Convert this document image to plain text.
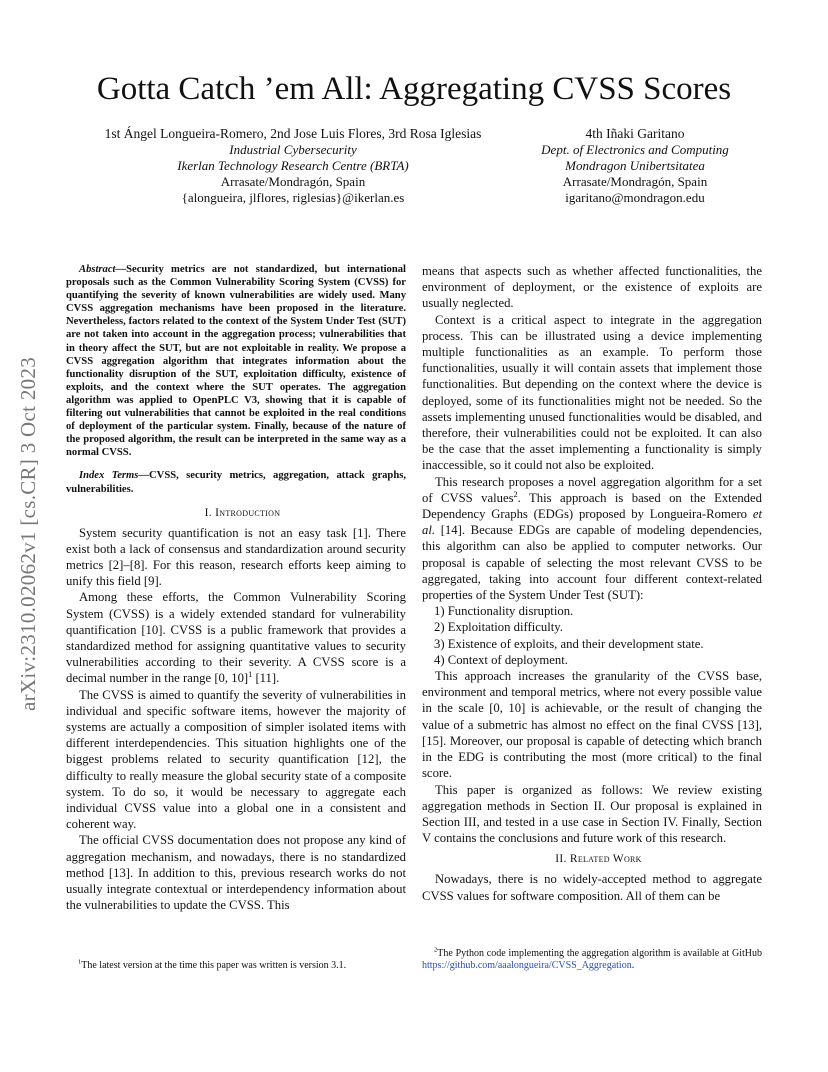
Gotta Catch ’em All: Aggregating CVSS Scores
1st Ángel Longueira-Romero, 2nd Jose Luis Flores, 3rd Rosa Iglesias
Industrial Cybersecurity
Ikerlan Technology Research Centre (BRTA)
Arrasate/Mondragón, Spain
{alongueira, jlflores, riglesias}@ikerlan.es
4th Iñaki Garitano
Dept. of Electronics and Computing
Mondragon Unibertsitatea
Arrasate/Mondragón, Spain
igaritano@mondragon.edu
arXiv:2310.02062v1 [cs.CR] 3 Oct 2023

Abstract—Security metrics are not standardized, but international proposals such as the Common Vulnerability Scoring System (CVSS) for quantifying the severity of known vulnerabilities are widely used. Many CVSS aggregation mechanisms have been proposed in the literature. Nevertheless, factors related to the context of the System Under Test (SUT) are not taken into account in the aggregation process; vulnerabilities that in theory affect the SUT, but are not exploitable in reality. We propose a CVSS aggregation algorithm that integrates information about the functionality disruption of the SUT, exploitation difficulty, existence of exploits, and the context where the SUT operates. The aggregation algorithm was applied to OpenPLC V3, showing that it is capable of filtering out vulnerabilities that cannot be exploited in the real conditions of deployment of the particular system. Finally, because of the nature of the proposed algorithm, the result can be interpreted in the same way as a normal CVSS.

Index Terms—CVSS, security metrics, aggregation, attack graphs, vulnerabilities.

I. Introduction

System security quantification is not an easy task [1]. There exist both a lack of consensus and standardization around security metrics [2]–[8]. For this reason, research efforts keep aiming to unify this field [9].

Among these efforts, the Common Vulnerability Scoring System (CVSS) is a widely extended standard for vulnerability quantification [10]. CVSS is a public framework that provides a standardized method for assigning quantitative values to security vulnerabilities according to their severity. A CVSS score is a decimal number in the range [0, 10]$^1$ [11].

The CVSS is aimed to quantify the severity of vulnerabilities in individual and specific software items, however the majority of systems are actually a composition of simpler isolated items with different interdependencies. This situation highlights one of the biggest problems related to security quantification [12], the difficulty to really measure the global security state of a composite system. To do so, it would be necessary to aggregate each individual CVSS value into a global one in a consistent and coherent way.

The official CVSS documentation does not propose any kind of aggregation mechanism, and nowadays, there is no standardized method [13]. In addition to this, previous research works do not usually integrate contextual or interdependency information about the vulnerabilities to update the CVSS. This

$^1$The latest version at the time this paper was written is version 3.1.

means that aspects such as whether affected functionalities, the environment of deployment, or the existence of exploits are usually neglected.

Context is a critical aspect to integrate in the aggregation process. This can be illustrated using a device implementing multiple functionalities as an example. To perform those functionalities, usually it will contain assets that implement those functionalities. But depending on the context where the device is deployed, some of its functionalities might not be needed. So the assets implementing unused functionalities would be disabled, and therefore, their vulnerabilities could not be exploited. It can also be the case that the asset implementing a functionality is simply inaccessible, so it could not also be exploited.

This research proposes a novel aggregation algorithm for a set of CVSS values$^2$. This approach is based on the Extended Dependency Graphs (EDGs) proposed by Longueira-Romero et al. [14]. Because EDGs are capable of modeling dependencies, this algorithm can also be applied to computer networks. Our proposal is capable of selecting the most relevant CVSS to be aggregated, taking into account four different context-related properties of the System Under Test (SUT):

1) Functionality disruption.
2) Exploitation difficulty.
3) Existence of exploits, and their development state.
4) Context of deployment.

This approach increases the granularity of the CVSS base, environment and temporal metrics, where not every possible value in the scale [0, 10] is achievable, or the result of changing the value of a submetric has almost no effect on the final CVSS [13], [15]. Moreover, our proposal is capable of detecting which branch in the EDG is contributing the most (more critical) to the final score.

This paper is organized as follows: We review existing aggregation methods in Section II. Our proposal is explained in Section III, and tested in a use case in Section IV. Finally, Section V contains the conclusions and future work of this research.

II. Related Work

Nowadays, there is no widely-accepted method to aggregate CVSS values for software composition. All of them can be

$^2$The Python code implementing the aggregation algorithm is available at GitHub https://github.com/aaalongueira/CVSS_Aggregation.
